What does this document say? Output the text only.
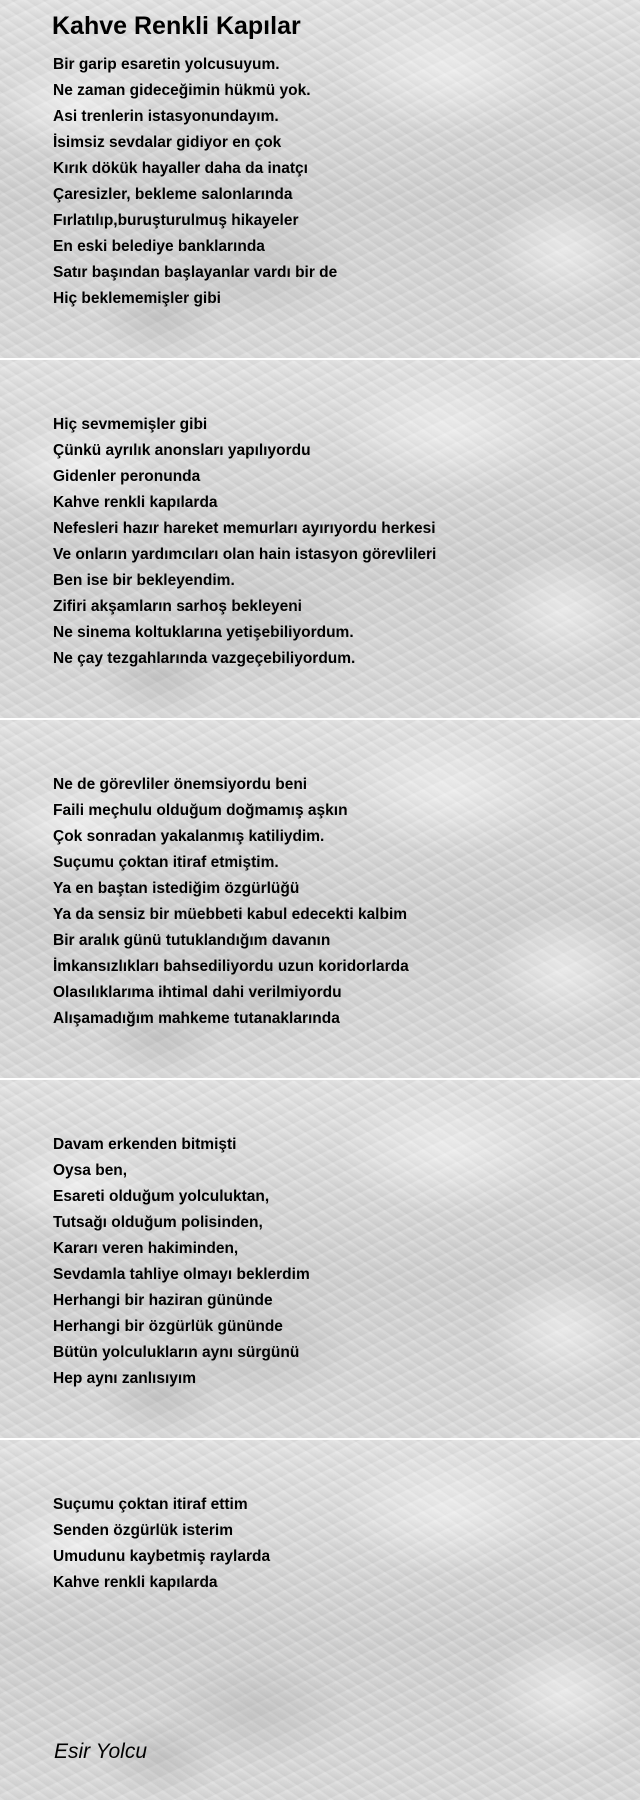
Kahve Renkli Kapılar
Bir garip esaretin yolcusuyum.
Ne zaman gideceğimin hükmü yok.
Asi trenlerin istasyonundayım.
İsimsiz sevdalar gidiyor en çok
Kırık dökük hayaller daha da inatçı
Çaresizler, bekleme salonlarında
Fırlatılıp,buruşturulmuş hikayeler
En eski belediye banklarında
Satır başından başlayanlar vardı bir de
Hiç beklememişler gibi
Hiç sevmemişler gibi
Çünkü ayrılık anonsları yapılıyordu
Gidenler peronunda
Kahve renkli kapılarda
Nefesleri hazır hareket memurları ayırıyordu herkesi
Ve onların yardımcıları olan hain istasyon görevlileri
Ben ise bir bekleyendim.
Zifiri akşamların sarhoş bekleyeni
Ne sinema koltuklarına yetişebiliyordum.
Ne çay tezgahlarında vazgeçebiliyordum.
Ne de görevliler önemsiyordu beni
Faili meçhulu olduğum doğmamış aşkın
Çok sonradan yakalanmış katiliydim.
Suçumu çoktan itiraf etmiştim.
Ya en baştan istediğim özgürlüğü
Ya da sensiz bir müebbeti kabul edecekti kalbim
Bir aralık günü tutuklandığım davanın
İmkansızlıkları bahsediliyordu uzun koridorlarda
Olasılıklarıma ihtimal dahi verilmiyordu
Alışamadığım mahkeme tutanaklarında
Davam erkenden bitmişti
Oysa ben,
Esareti olduğum yolculuktan,
Tutsağı olduğum polisinden,
Kararı veren hakiminden,
Sevdamla tahliye olmayı beklerdim
Herhangi bir haziran gününde
Herhangi bir özgürlük gününde
Bütün yolculukların aynı sürgünü
Hep aynı zanlısıyım
Suçumu çoktan itiraf ettim
Senden özgürlük isterim
Umudunu kaybetmiş raylarda
Kahve renkli kapılarda

Esir Yolcu
